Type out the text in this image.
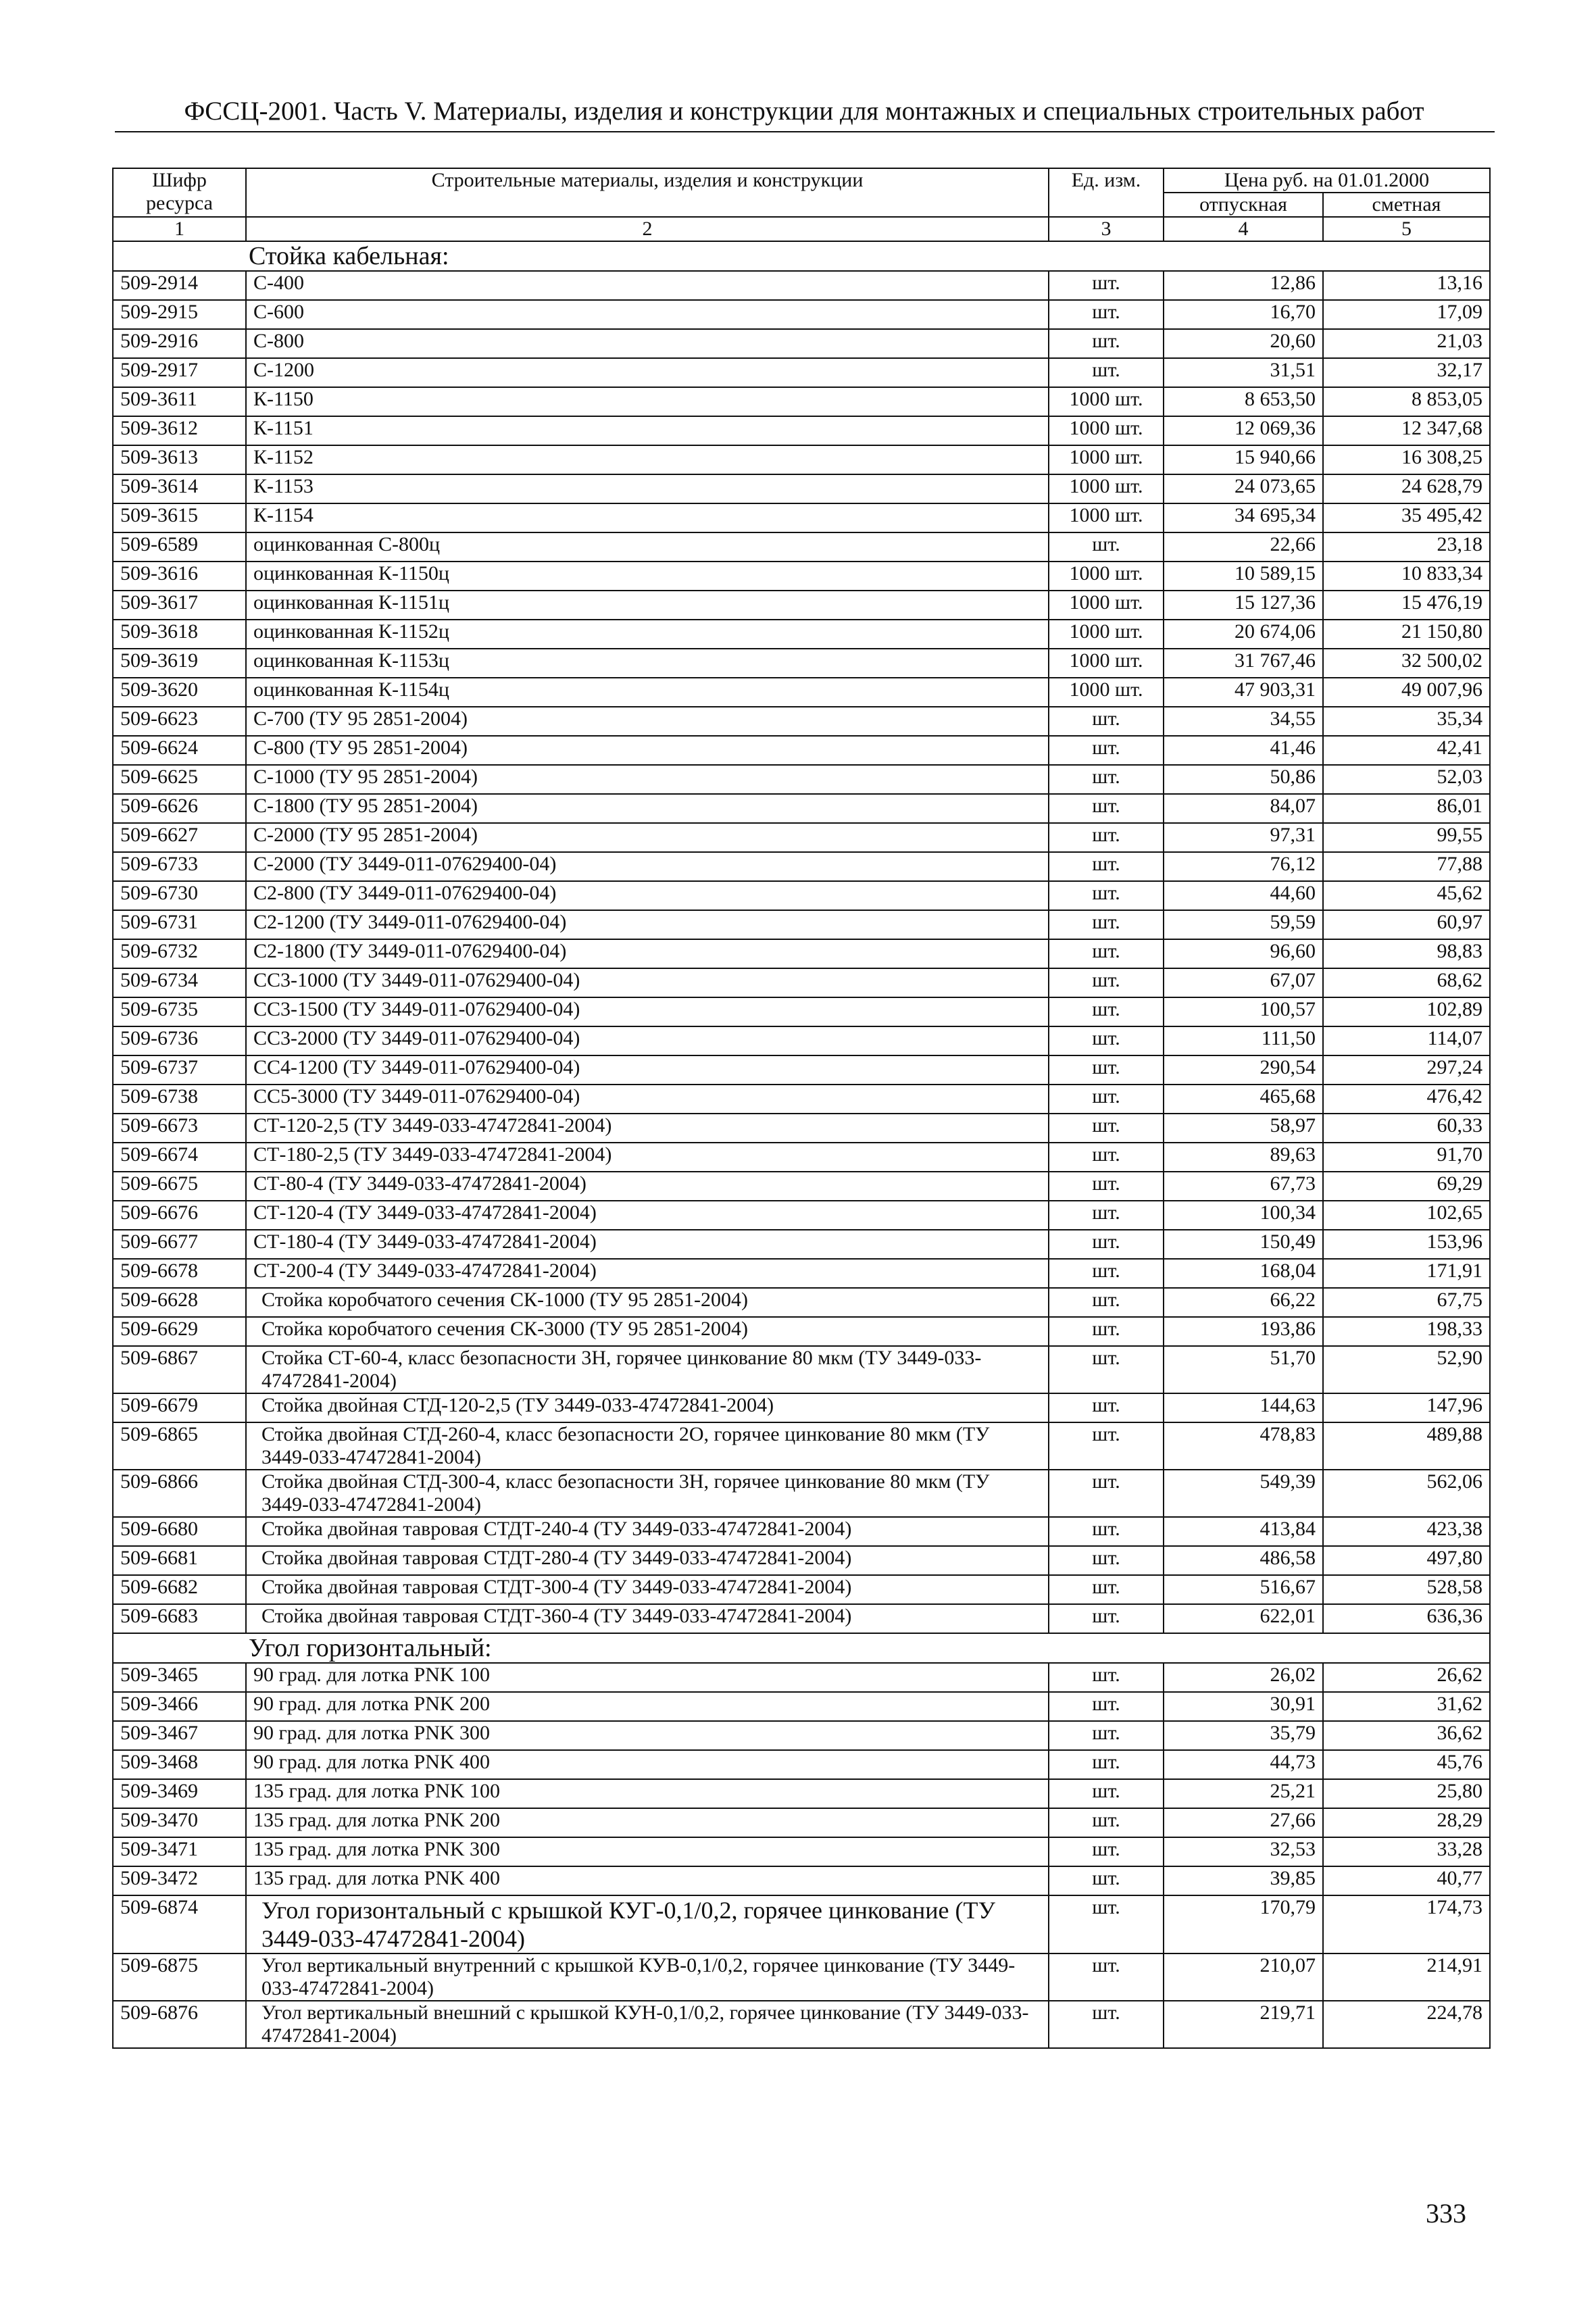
ФССЦ-2001. Часть V. Материалы, изделия и конструкции для монтажных и специальных строительных работ
Шифр ресурса	Строительные материалы, изделия и конструкции	Ед. изм.	Цена руб. на 01.01.2000	
			отпускная	сметная
1	2	3	4	5
Стойка кабельная:				
509-2914	С-400	шт.	12,86	13,16
509-2915	С-600	шт.	16,70	17,09
509-2916	С-800	шт.	20,60	21,03
509-2917	С-1200	шт.	31,51	32,17
509-3611	К-1150	1000 шт.	8 653,50	8 853,05
509-3612	К-1151	1000 шт.	12 069,36	12 347,68
509-3613	К-1152	1000 шт.	15 940,66	16 308,25
509-3614	К-1153	1000 шт.	24 073,65	24 628,79
509-3615	К-1154	1000 шт.	34 695,34	35 495,42
509-6589	оцинкованная С-800ц	шт.	22,66	23,18
509-3616	оцинкованная К-1150ц	1000 шт.	10 589,15	10 833,34
509-3617	оцинкованная К-1151ц	1000 шт.	15 127,36	15 476,19
509-3618	оцинкованная К-1152ц	1000 шт.	20 674,06	21 150,80
509-3619	оцинкованная К-1153ц	1000 шт.	31 767,46	32 500,02
509-3620	оцинкованная К-1154ц	1000 шт.	47 903,31	49 007,96
509-6623	С-700 (ТУ 95 2851-2004)	шт.	34,55	35,34
509-6624	С-800 (ТУ 95 2851-2004)	шт.	41,46	42,41
509-6625	С-1000 (ТУ 95 2851-2004)	шт.	50,86	52,03
509-6626	С-1800 (ТУ 95 2851-2004)	шт.	84,07	86,01
509-6627	С-2000 (ТУ 95 2851-2004)	шт.	97,31	99,55
509-6733	С-2000 (ТУ 3449-011-07629400-04)	шт.	76,12	77,88
509-6730	С2-800 (ТУ 3449-011-07629400-04)	шт.	44,60	45,62
509-6731	С2-1200 (ТУ 3449-011-07629400-04)	шт.	59,59	60,97
509-6732	С2-1800 (ТУ 3449-011-07629400-04)	шт.	96,60	98,83
509-6734	СС3-1000 (ТУ 3449-011-07629400-04)	шт.	67,07	68,62
509-6735	СС3-1500 (ТУ 3449-011-07629400-04)	шт.	100,57	102,89
509-6736	СС3-2000 (ТУ 3449-011-07629400-04)	шт.	111,50	114,07
509-6737	СС4-1200 (ТУ 3449-011-07629400-04)	шт.	290,54	297,24
509-6738	СС5-3000 (ТУ 3449-011-07629400-04)	шт.	465,68	476,42
509-6673	СТ-120-2,5 (ТУ 3449-033-47472841-2004)	шт.	58,97	60,33
509-6674	СТ-180-2,5 (ТУ 3449-033-47472841-2004)	шт.	89,63	91,70
509-6675	СТ-80-4 (ТУ 3449-033-47472841-2004)	шт.	67,73	69,29
509-6676	СТ-120-4 (ТУ 3449-033-47472841-2004)	шт.	100,34	102,65
509-6677	СТ-180-4 (ТУ 3449-033-47472841-2004)	шт.	150,49	153,96
509-6678	СТ-200-4 (ТУ 3449-033-47472841-2004)	шт.	168,04	171,91
509-6628	Стойка коробчатого сечения СК-1000 (ТУ 95 2851-2004)	шт.	66,22	67,75
509-6629	Стойка коробчатого сечения СК-3000 (ТУ 95 2851-2004)	шт.	193,86	198,33
509-6867	Стойка СТ-60-4, класс безопасности 3Н, горячее цинкование 80 мкм (ТУ 3449-033-47472841-2004)	шт.	51,70	52,90
509-6679	Стойка двойная СТД-120-2,5 (ТУ 3449-033-47472841-2004)	шт.	144,63	147,96
509-6865	Стойка двойная СТД-260-4, класс безопасности 2О, горячее цинкование 80 мкм (ТУ 3449-033-47472841-2004)	шт.	478,83	489,88
509-6866	Стойка двойная СТД-300-4, класс безопасности 3Н, горячее цинкование 80 мкм (ТУ 3449-033-47472841-2004)	шт.	549,39	562,06
509-6680	Стойка двойная тавровая СТДТ-240-4 (ТУ 3449-033-47472841-2004)	шт.	413,84	423,38
509-6681	Стойка двойная тавровая СТДТ-280-4 (ТУ 3449-033-47472841-2004)	шт.	486,58	497,80
509-6682	Стойка двойная тавровая СТДТ-300-4 (ТУ 3449-033-47472841-2004)	шт.	516,67	528,58
509-6683	Стойка двойная тавровая СТДТ-360-4 (ТУ 3449-033-47472841-2004)	шт.	622,01	636,36
Угол горизонтальный:				
509-3465	90 град. для лотка PNK 100	шт.	26,02	26,62
509-3466	90 град. для лотка PNK 200	шт.	30,91	31,62
509-3467	90 град. для лотка PNK 300	шт.	35,79	36,62
509-3468	90 град. для лотка PNK 400	шт.	44,73	45,76
509-3469	135 град. для лотка PNK 100	шт.	25,21	25,80
509-3470	135 град. для лотка PNK 200	шт.	27,66	28,29
509-3471	135 град. для лотка PNK 300	шт.	32,53	33,28
509-3472	135 град. для лотка PNK 400	шт.	39,85	40,77
509-6874	Угол горизонтальный с крышкой КУГ-0,1/0,2, горячее цинкование (ТУ 3449-033-47472841-2004)	шт.	170,79	174,73
509-6875	Угол вертикальный внутренний с крышкой КУВ-0,1/0,2, горячее цинкование (ТУ 3449-033-47472841-2004)	шт.	210,07	214,91
509-6876	Угол вертикальный внешний с крышкой КУН-0,1/0,2, горячее цинкование (ТУ 3449-033-47472841-2004)	шт.	219,71	224,78
333
